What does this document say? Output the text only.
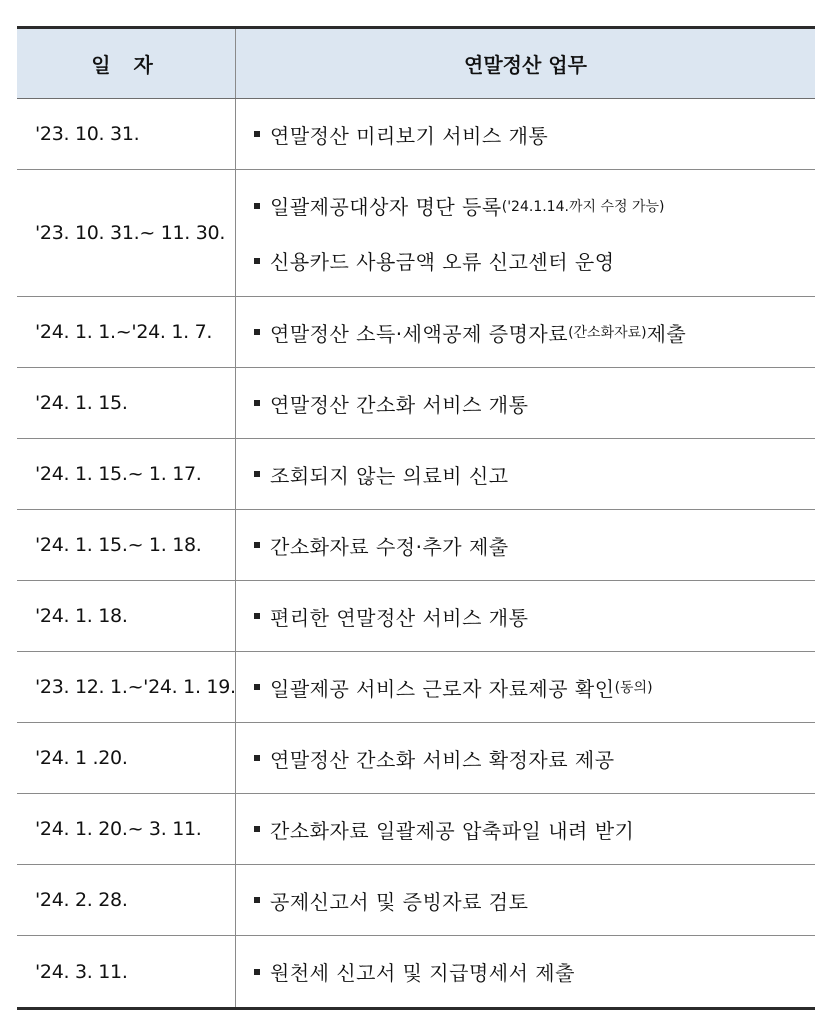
일 자	연말정산 업무
'23. 10. 31.	연말정산 미리보기 서비스 개통
'23. 10. 31.~ 11. 30.
일괄제공대상자 명단 등록 ('24.1.14.까지 수정 가능)
신용카드 사용금액 오류 신고센터 운영
'24. 1. 1.~'24. 1. 7.	연말정산 소득·세액공제 증명자료 (간소화자료) 제출
'24. 1. 15.	연말정산 간소화 서비스 개통
'24. 1. 15.~ 1. 17.	조회되지 않는 의료비 신고
'24. 1. 15.~ 1. 18.	간소화자료 수정·추가 제출
'24. 1. 18.	편리한 연말정산 서비스 개통
'23. 12. 1.~'24. 1. 19. 일괄제공 서비스 근로자 자료제공 확인 (동의)
'24. 1 .20.	연말정산 간소화 서비스 확정자료 제공
'24. 1. 20.~ 3. 11.	간소화자료 일괄제공 압축파일 내려 받기
'24. 2. 28.	공제신고서 및 증빙자료 검토
'24. 3. 11.	원천세 신고서 및 지급명세서 제출
